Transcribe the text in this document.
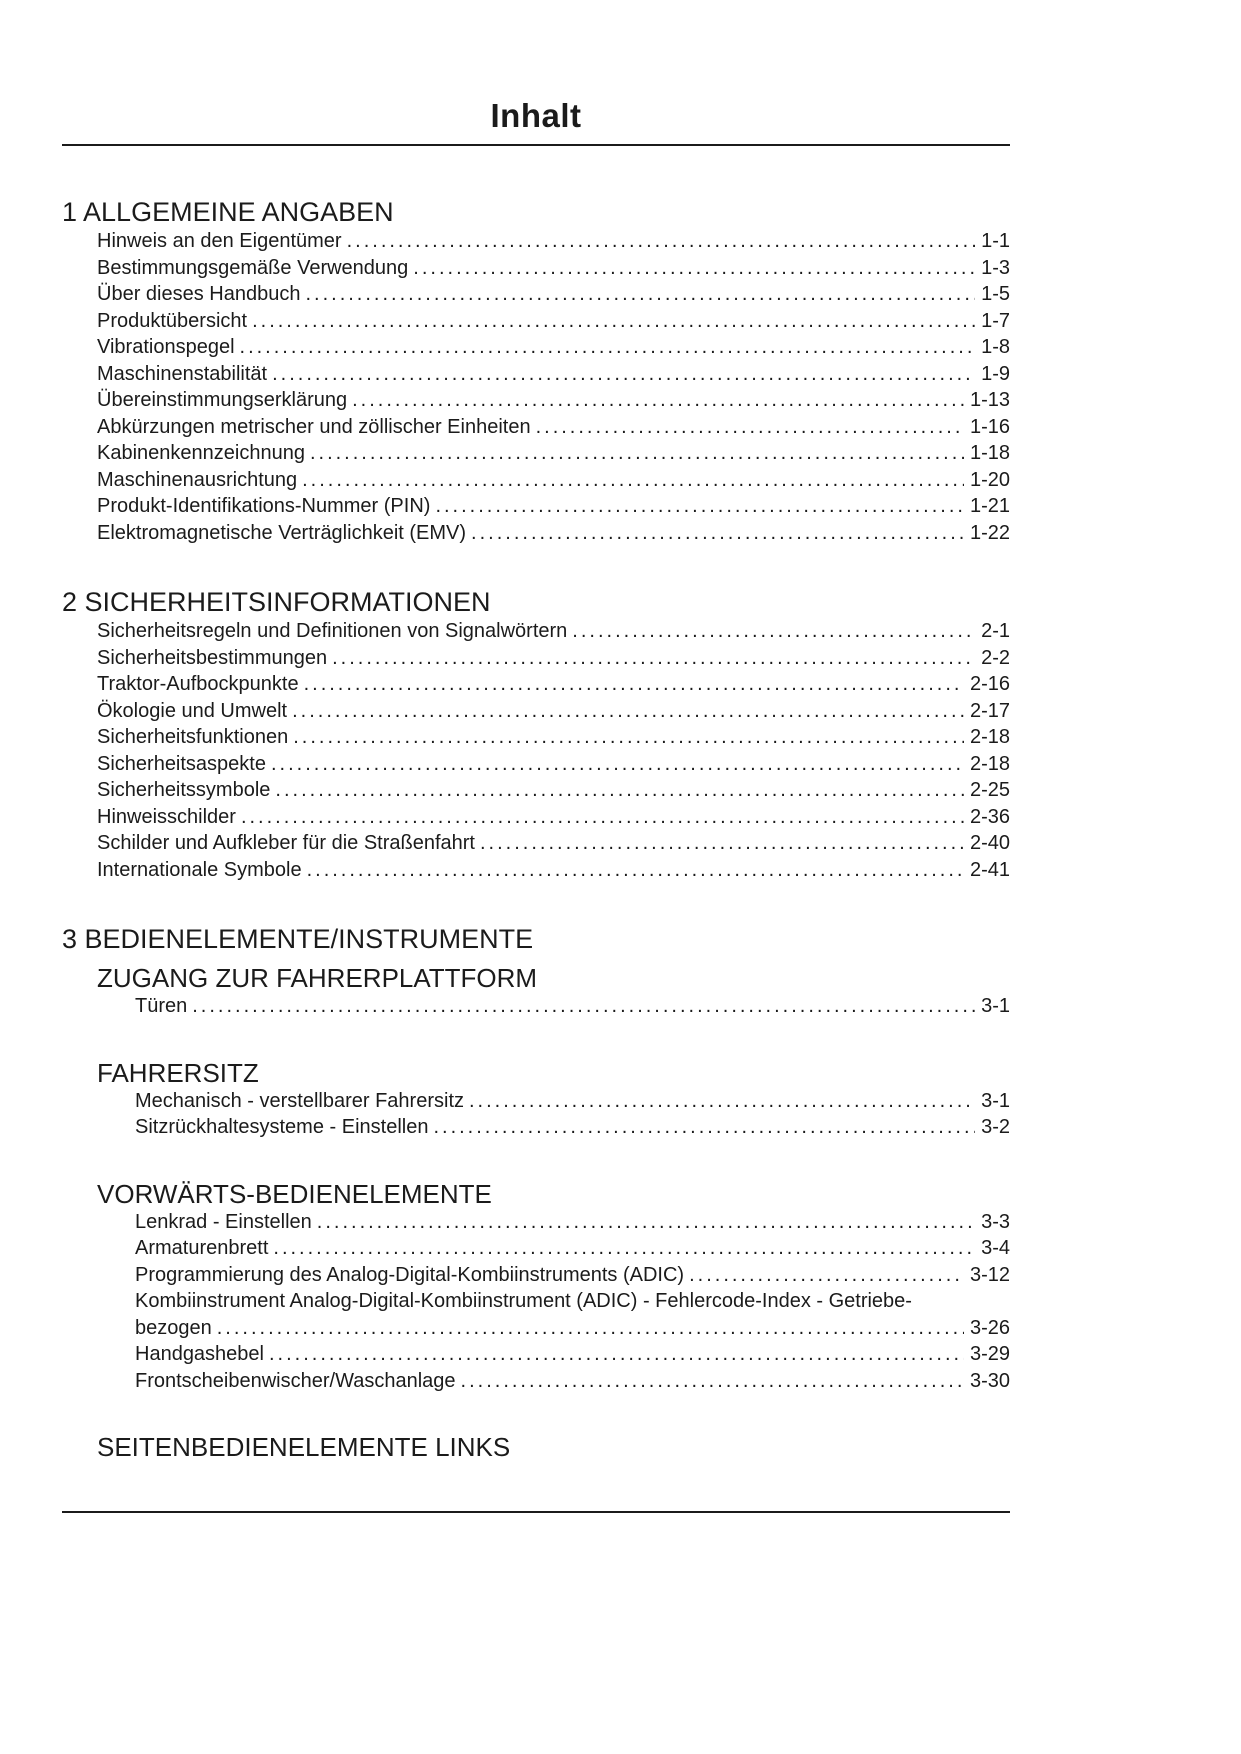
Inhalt
1 ALLGEMEINE ANGABEN
Hinweis an den Eigentümer .....	1-1
Bestimmungsgemäße Verwendung .....	1-3
Über dieses Handbuch .....	1-5
Produktübersicht .....	1-7
Vibrationspegel .....	1-8
Maschinenstabilität .....	1-9
Übereinstimmungserklärung .....	1-13
Abkürzungen metrischer und zöllischer Einheiten .....	1-16
Kabinenkennzeichnung .....	1-18
Maschinenausrichtung .....	1-20
Produkt-Identifikations-Nummer (PIN) .....	1-21
Elektromagnetische Verträglichkeit (EMV) .....	1-22
2 SICHERHEITSINFORMATIONEN
Sicherheitsregeln und Definitionen von Signalwörtern .....	2-1
Sicherheitsbestimmungen .....	2-2
Traktor-Aufbockpunkte .....	2-16
Ökologie und Umwelt .....	2-17
Sicherheitsfunktionen .....	2-18
Sicherheitsaspekte .....	2-18
Sicherheitssymbole .....	2-25
Hinweisschilder .....	2-36
Schilder und Aufkleber für die Straßenfahrt .....	2-40
Internationale Symbole .....	2-41
3 BEDIENELEMENTE/INSTRUMENTE
ZUGANG ZUR FAHRERPLATTFORM
Türen .....	3-1
FAHRERSITZ
Mechanisch - verstellbarer Fahrersitz .....	3-1
Sitzrückhaltesysteme - Einstellen .....	3-2
VORWÄRTS-BEDIENELEMENTE
Lenkrad - Einstellen .....	3-3
Armaturenbrett .....	3-4
Programmierung des Analog-Digital-Kombiinstruments (ADIC) .....	3-12
Kombiinstrument Analog-Digital-Kombiinstrument (ADIC) - Fehlercode-Index - Getriebe-
bezogen .....	3-26
Handgashebel .....	3-29
Frontscheibenwischer/Waschanlage .....	3-30
SEITENBEDIENELEMENTE LINKS
